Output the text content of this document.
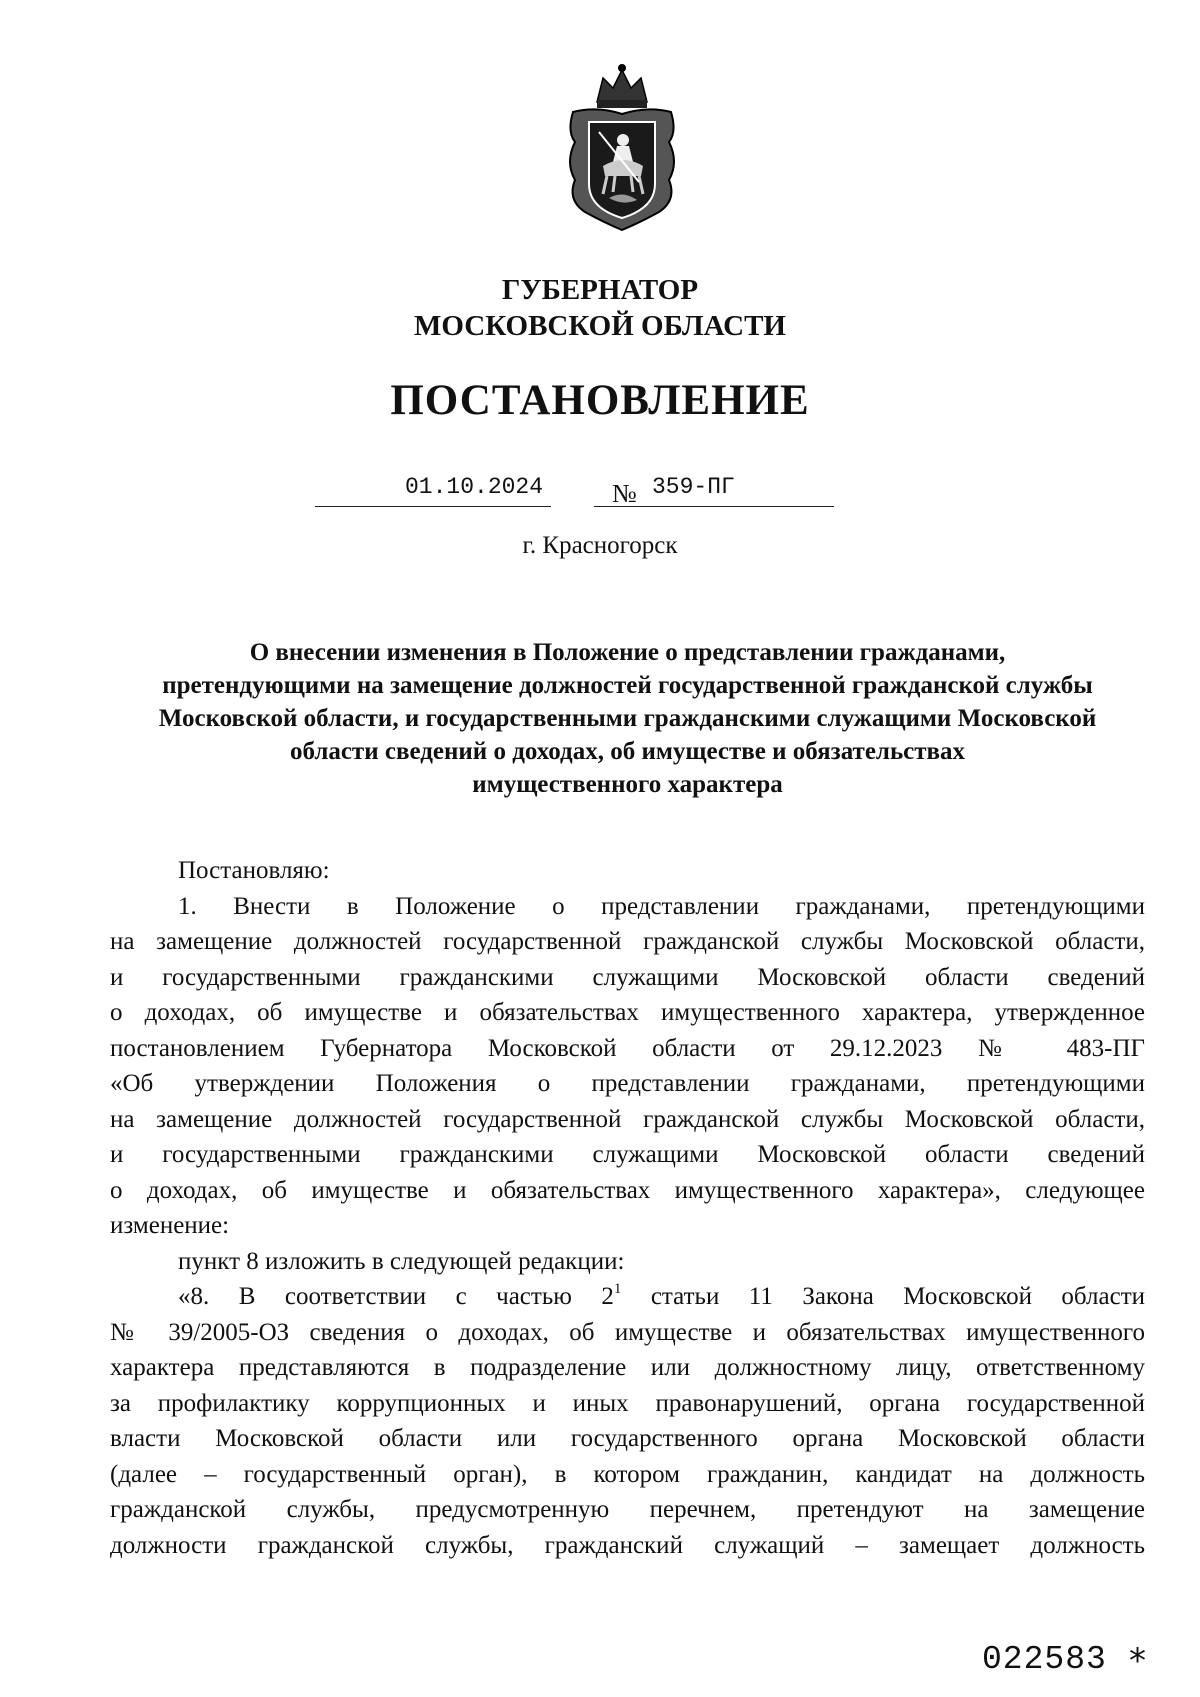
ГУБЕРНАТОР
МОСКОВСКОЙ ОБЛАСТИ
ПОСТАНОВЛЕНИЕ
01.10.2024	№ 359-ПГ
г. Красногорск
О внесении изменения в Положение о представлении гражданами,
претендующими на замещение должностей государственной гражданской службы
Московской области, и государственными гражданскими служащими Московской
области сведений о доходах, об имуществе и обязательствах
имущественного характера
Постановляю:
1. Внести в Положение о представлении гражданами, претендующими
на замещение должностей государственной гражданской службы Московской области,
и государственными гражданскими служащими Московской области сведений
о доходах, об имуществе и обязательствах имущественного характера, утвержденное
постановлением Губернатора Московской области от 29.12.2023 № 483-ПГ
«Об утверждении Положения о представлении гражданами, претендующими
на замещение должностей государственной гражданской службы Московской области,
и государственными гражданскими служащими Московской области сведений
о доходах, об имуществе и обязательствах имущественного характера», следующее
изменение:
пункт 8 изложить в следующей редакции:
«8. В соответствии с частью $2^1$ статьи 11 Закона Московской области
№ 39/2005-ОЗ сведения о доходах, об имуществе и обязательствах имущественного
характера представляются в подразделение или должностному лицу, ответственному
за профилактику коррупционных и иных правонарушений, органа государственной
власти Московской области или государственного органа Московской области
(далее – государственный орган), в котором гражданин, кандидат на должность
гражданской службы, предусмотренную перечнем, претендуют на замещение
должности гражданской службы, гражданский служащий – замещает должность
022583 *
